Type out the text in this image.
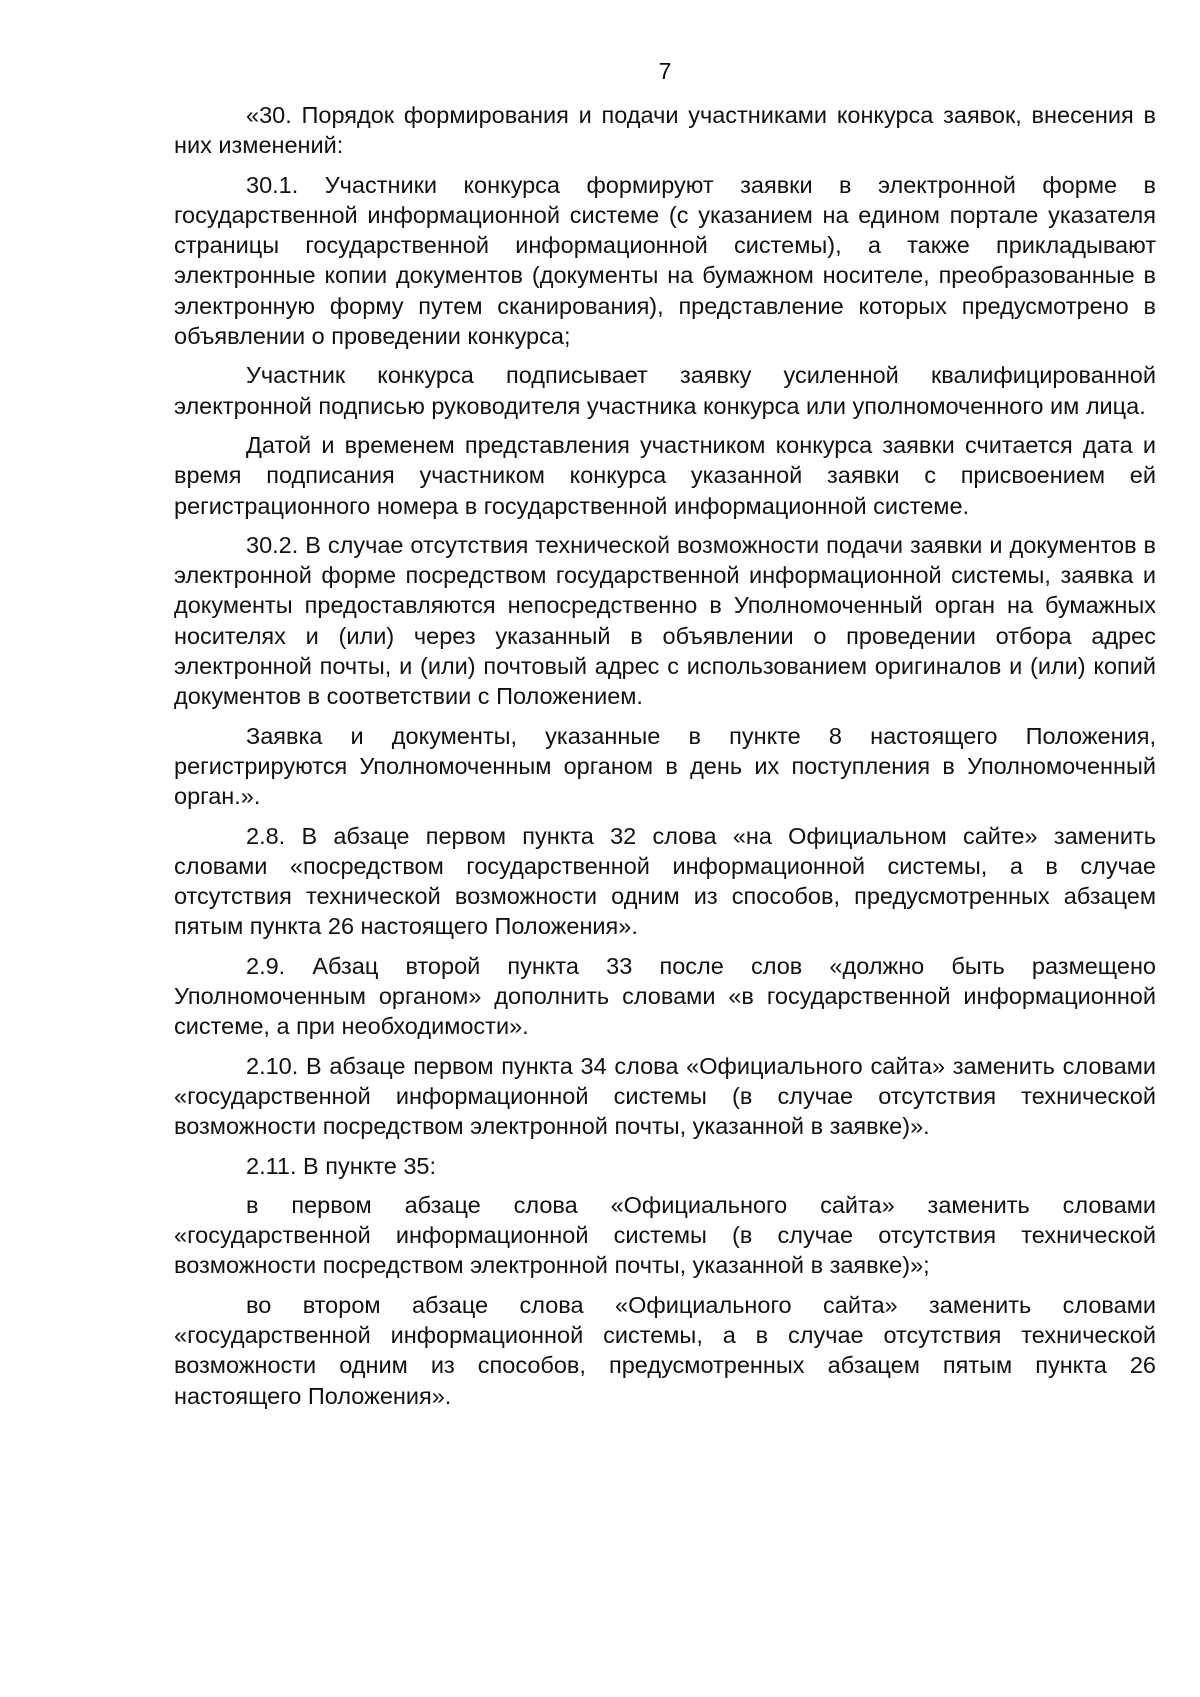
7

«30. Порядок формирования и подачи участниками конкурса заявок, внесения в них изменений:

30.1. Участники конкурса формируют заявки в электронной форме в государственной информационной системе (с указанием на едином портале указателя страницы государственной информационной системы), а также прикладывают электронные копии документов (документы на бумажном носителе, преобразованные в электронную форму путем сканирования), представление которых предусмотрено в объявлении о проведении конкурса;

Участник конкурса подписывает заявку усиленной квалифицированной электронной подписью руководителя участника конкурса или уполномоченного им лица.

Датой и временем представления участником конкурса заявки считается дата и время подписания участником конкурса указанной заявки с присвоением ей регистрационного номера в государственной информационной системе.

30.2. В случае отсутствия технической возможности подачи заявки и документов в электронной форме посредством государственной информационной системы, заявка и документы предоставляются непосредственно в Уполномоченный орган на бумажных носителях и (или) через указанный в объявлении о проведении отбора адрес электронной почты, и (или) почтовый адрес с использованием оригиналов и (или) копий документов в соответствии с Положением.

Заявка и документы, указанные в пункте 8 настоящего Положения, регистрируются Уполномоченным органом в день их поступления в Уполномоченный орган.».

2.8. В абзаце первом пункта 32 слова «на Официальном сайте» заменить словами «посредством государственной информационной системы, а в случае отсутствия технической возможности одним из способов, предусмотренных абзацем пятым пункта 26 настоящего Положения».

2.9. Абзац второй пункта 33 после слов «должно быть размещено Уполномоченным органом» дополнить словами «в государственной информационной системе, а при необходимости».

2.10. В абзаце первом пункта 34 слова «Официального сайта» заменить словами «государственной информационной системы (в случае отсутствия технической возможности посредством электронной почты, указанной в заявке)».

2.11. В пункте 35:

в первом абзаце слова «Официального сайта» заменить словами «государственной информационной системы (в случае отсутствия технической возможности посредством электронной почты, указанной в заявке)»;

во втором абзаце слова «Официального сайта» заменить словами «государственной информационной системы, а в случае отсутствия технической возможности одним из способов, предусмотренных абзацем пятым пункта 26 настоящего Положения».
